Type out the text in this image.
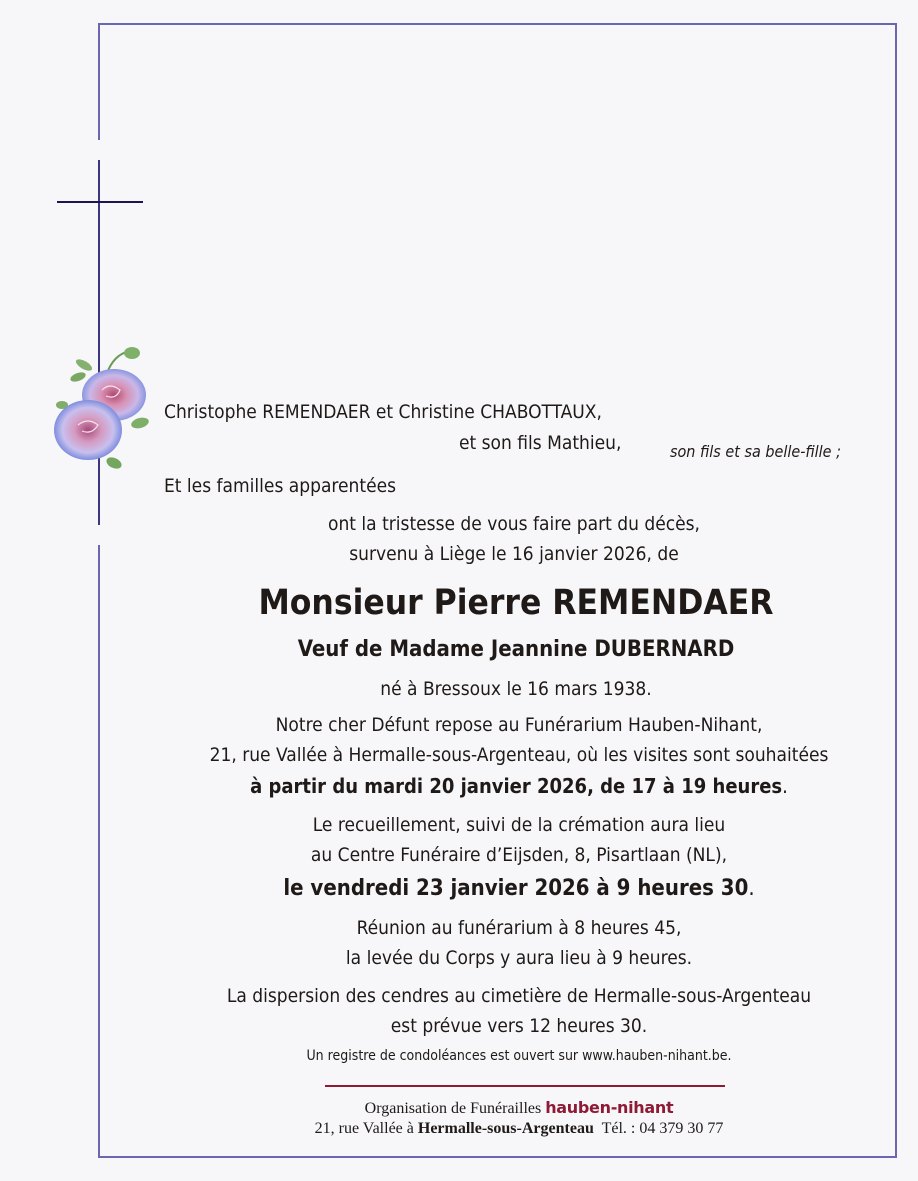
Christophe REMENDAER et Christine CHABOTTAUX,
et son fils Mathieu,	son fils et sa belle-fille ;
Et les familles apparentées
ont la tristesse de vous faire part du décès,
survenu à Liège le 16 janvier 2026, de
Monsieur Pierre REMENDAER
Veuf de Madame Jeannine DUBERNARD
né à Bressoux le 16 mars 1938.
Notre cher Défunt repose au Funérarium Hauben-Nihant,
21, rue Vallée à Hermalle-sous-Argenteau, où les visites sont souhaitées
à partir du mardi 20 janvier 2026, de 17 à 19 heures.
Le recueillement, suivi de la crémation aura lieu
au Centre Funéraire d’Eijsden, 8, Pisartlaan (NL),
le vendredi 23 janvier 2026 à 9 heures 30.
Réunion au funérarium à 8 heures 45,
la levée du Corps y aura lieu à 9 heures.
La dispersion des cendres au cimetière de Hermalle-sous-Argenteau
est prévue vers 12 heures 30.
Un registre de condoléances est ouvert sur www.hauben-nihant.be.
Organisation de Funérailles hauben-nihant
21, rue Vallée à Hermalle-sous-Argenteau Tél. : 04 379 30 77
